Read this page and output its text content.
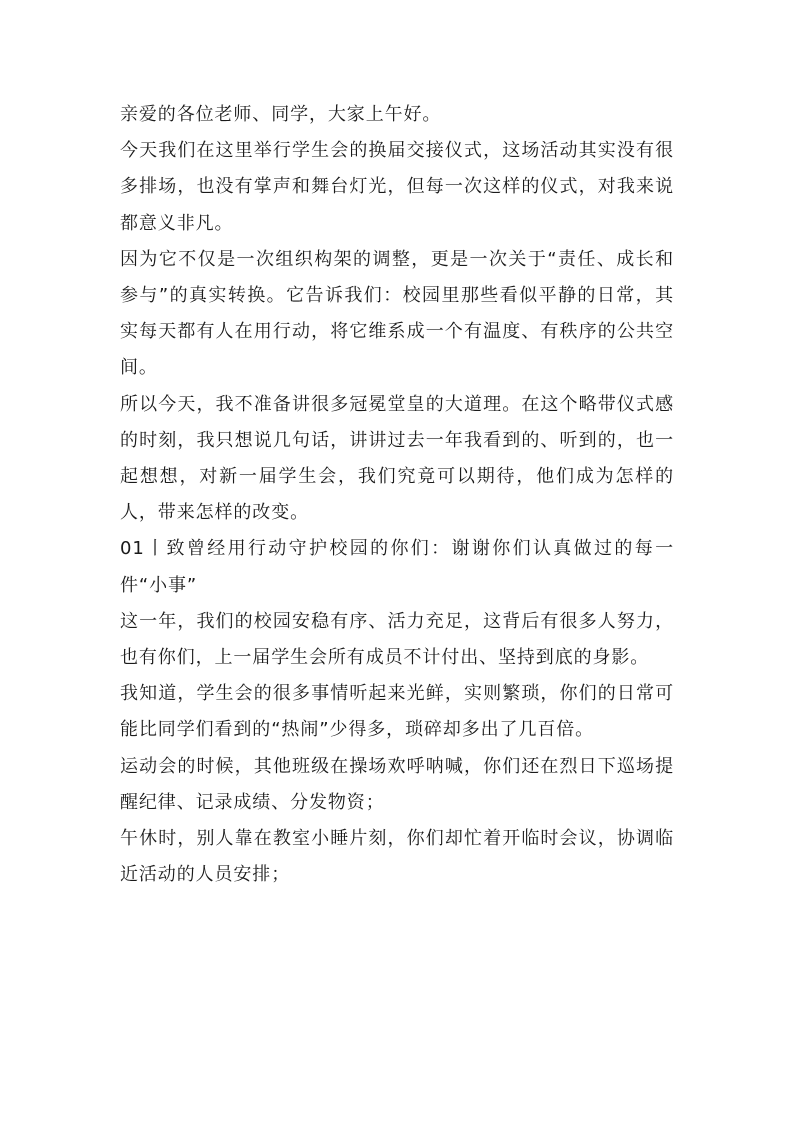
亲爱的各位老师、同学，大家上午好。

今天我们在这里举行学生会的换届交接仪式，这场活动其实没有很多排场，也没有掌声和舞台灯光，但每一次这样的仪式，对我来说都意义非凡。

因为它不仅是一次组织构架的调整，更是一次关于“责任、成长和参与”的真实转换。它告诉我们：校园里那些看似平静的日常，其实每天都有人在用行动，将它维系成一个有温度、有秩序的公共空间。

所以今天，我不准备讲很多冠冕堂皇的大道理。在这个略带仪式感的时刻，我只想说几句话，讲讲过去一年我看到的、听到的，也一起想想，对新一届学生会，我们究竟可以期待，他们成为怎样的人，带来怎样的改变。

01丨致曾经用行动守护校园的你们：谢谢你们认真做过的每一件“小事”

这一年，我们的校园安稳有序、活力充足，这背后有很多人努力，也有你们，上一届学生会所有成员不计付出、坚持到底的身影。

我知道，学生会的很多事情听起来光鲜，实则繁琐，你们的日常可能比同学们看到的“热闹”少得多，琐碎却多出了几百倍。

运动会的时候，其他班级在操场欢呼呐喊，你们还在烈日下巡场提醒纪律、记录成绩、分发物资；

午休时，别人靠在教室小睡片刻，你们却忙着开临时会议，协调临近活动的人员安排；
